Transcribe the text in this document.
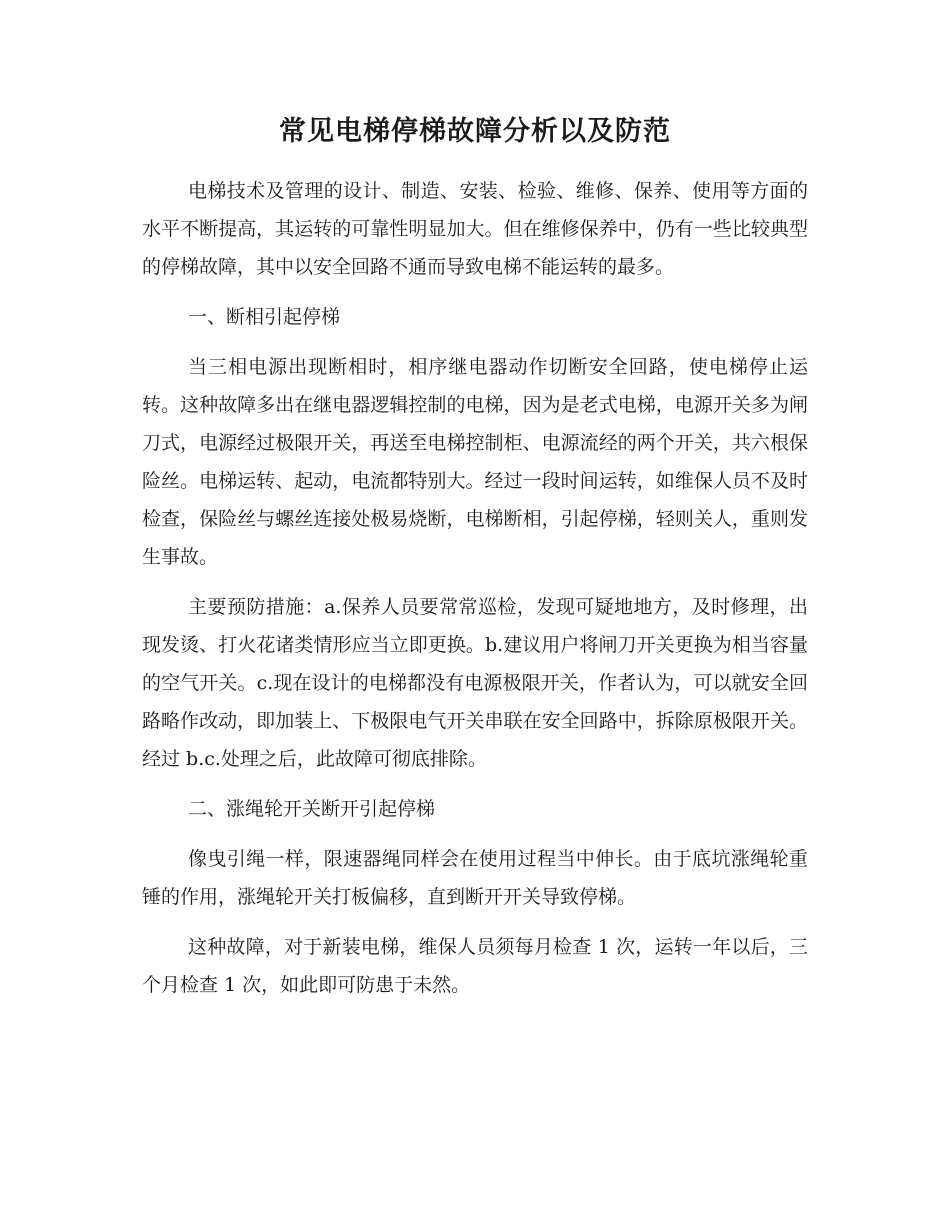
常见电梯停梯故障分析以及防范

电梯技术及管理的设计、制造、安装、检验、维修、保养、使用等方面的水平不断提高，其运转的可靠性明显加大。但在维修保养中，仍有一些比较典型的停梯故障，其中以安全回路不通而导致电梯不能运转的最多。

一、断相引起停梯

当三相电源出现断相时，相序继电器动作切断安全回路，使电梯停止运转。这种故障多出在继电器逻辑控制的电梯，因为是老式电梯，电源开关多为闸刀式，电源经过极限开关，再送至电梯控制柜、电源流经的两个开关，共六根保险丝。电梯运转、起动，电流都特别大。经过一段时间运转，如维保人员不及时检查，保险丝与螺丝连接处极易烧断，电梯断相，引起停梯，轻则关人，重则发生事故。

主要预防措施：a.保养人员要常常巡检，发现可疑地地方，及时修理，出现发烫、打火花诸类情形应当立即更换。b.建议用户将闸刀开关更换为相当容量的空气开关。c.现在设计的电梯都没有电源极限开关，作者认为，可以就安全回路略作改动，即加装上、下极限电气开关串联在安全回路中，拆除原极限开关。经过 b.c.处理之后，此故障可彻底排除。

二、涨绳轮开关断开引起停梯

像曳引绳一样，限速器绳同样会在使用过程当中伸长。由于底坑涨绳轮重锤的作用，涨绳轮开关打板偏移，直到断开开关导致停梯。

这种故障，对于新装电梯，维保人员须每月检查 1 次，运转一年以后，三个月检查 1 次，如此即可防患于未然。
